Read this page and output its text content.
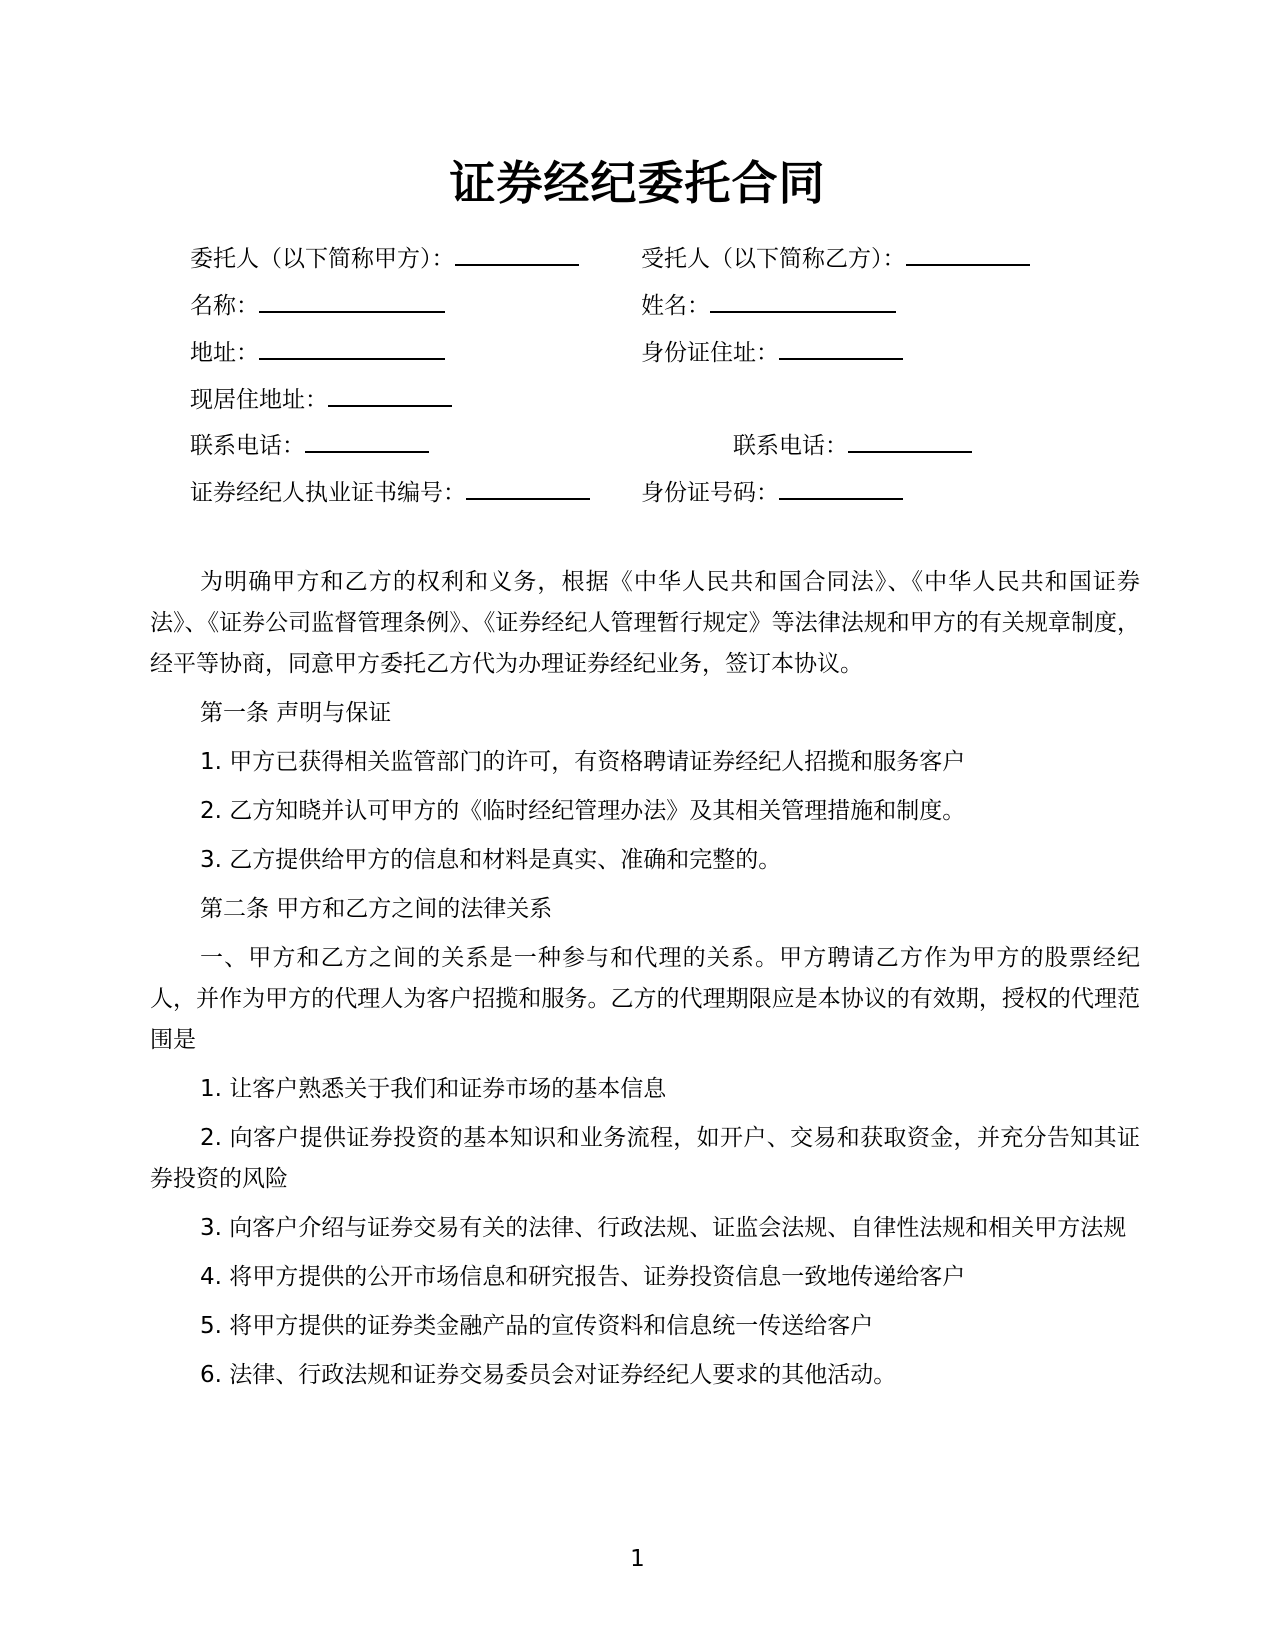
证券经纪委托合同
委托人（以下简称甲方）：	受托人（以下简称乙方）：
名称：	姓名：
地址：	身份证住址：
现居住地址：
联系电话：	联系电话：
证券经纪人执业证书编号：	身份证号码：

为明确甲方和乙方的权利和义务，根据《中华人民共和国合同法》、《中华人民共和国证券法》、《证券公司监督管理条例》、《证券经纪人管理暂行规定》等法律法规和甲方的有关规章制度，经平等协商，同意甲方委托乙方代为办理证券经纪业务，签订本协议。

第一条 声明与保证

1. 甲方已获得相关监管部门的许可，有资格聘请证券经纪人招揽和服务客户

2. 乙方知晓并认可甲方的《临时经纪管理办法》及其相关管理措施和制度。

3. 乙方提供给甲方的信息和材料是真实、准确和完整的。

第二条 甲方和乙方之间的法律关系

一、甲方和乙方之间的关系是一种参与和代理的关系。甲方聘请乙方作为甲方的股票经纪人，并作为甲方的代理人为客户招揽和服务。乙方的代理期限应是本协议的有效期，授权的代理范围是

1. 让客户熟悉关于我们和证券市场的基本信息

2. 向客户提供证券投资的基本知识和业务流程，如开户、交易和获取资金，并充分告知其证券投资的风险

3. 向客户介绍与证券交易有关的法律、行政法规、证监会法规、自律性法规和相关甲方法规

4. 将甲方提供的公开市场信息和研究报告、证券投资信息一致地传递给客户

5. 将甲方提供的证券类金融产品的宣传资料和信息统一传送给客户

6. 法律、行政法规和证券交易委员会对证券经纪人要求的其他活动。

1
